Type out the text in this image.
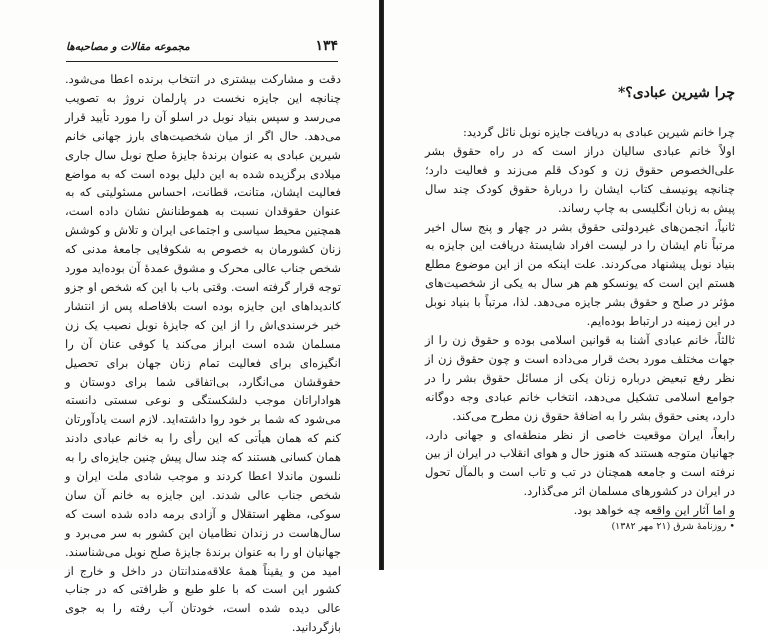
۱۳۴
مجموعه مقالات و مصاحبه‌ها

دقت و مشارکت بیشتری در انتخاب برنده اعطا می‌شود. چنانچه این جایزه نخست در پارلمان نروژ به تصویب می‌رسد و سپس بنیاد نوبل در اسلو آن را مورد تأیید قرار می‌دهد. حال اگر از میان شخصیت‌های بارز جهانی خانم شیرین عبادی به عنوان برندهٔ جایزهٔ صلح نوبل سال جاری میلادی برگزیده شده به این دلیل بوده است که به مواضع فعالیت ایشان، متانت، قطانت، احساس مسئولیتی که به عنوان حقوقدان نسبت به هموطنانش نشان داده است، همچنین محیط سیاسی و اجتماعی ایران و تلاش و کوشش زنان کشورمان به خصوص به شکوفایی جامعهٔ مدنی که شخص جناب عالی محرک و مشوق عمدهٔ آن بوده‌اید مورد توجه قرار گرفته است. وقتی باب با این که شخص او جزو کاندیداهای این جایزه بوده است بلافاصله پس از انتشار خبر خرسندی‌اش را از این که جایزهٔ نوبل نصیب یک زن مسلمان شده است ابراز می‌کند یا کوفی عنان آن را انگیزه‌ای برای فعالیت تمام زنان جهان برای تحصیل حقوقشان می‌انگارد، بی‌اتفاقی شما برای دوستان و هواداراتان موجب دلشکستگی و نوعی سستی دانسته می‌شود که شما بر خود روا داشته‌اید. لازم است یادآورتان کنم که همان هیأتی که این رأی را به خانم عبادی دادند همان کسانی هستند که چند سال پیش چنین جایزه‌ای را به نلسون ماندلا اعطا کردند و موجب شادی ملت ایران و شخص جناب عالی شدند. این جایزه به خانم آن سان سوکی، مظهر استقلال و آزادی برمه داده شده است که سال‌هاست در زندان نظامیان این کشور به سر می‌برد و جهانیان او را به عنوان برندهٔ جایزهٔ صلح نوبل می‌شناسند. امید من و یقیناً همهٔ علاقه‌مندانتان در داخل و خارج از کشور این است که با علو طبع و ظرافتی که در جناب عالی دیده شده است، خودتان آب رفته را به جوی بازگردانید.

چرا شیرین عبادی؟*

چرا خانم شیرین عبادی به دریافت جایزه نوبل نائل گردید:

اولاً خانم عبادی سالیان دراز است که در راه حقوق بشر علی‌الخصوص حقوق زن و کودک قلم می‌زند و فعالیت دارد؛ چنانچه یونیسف کتاب ایشان را دربارهٔ حقوق کودک چند سال پیش به زبان انگلیسی به چاپ رساند.

ثانیاً، انجمن‌های غیردولتی حقوق بشر در چهار و پنج سال اخیر مرتباً نام ایشان را در لیست افراد شایستهٔ دریافت این جایزه به بنیاد نوبل پیشنهاد می‌کردند. علت اینکه من از این موضوع مطلع هستم این است که یونسکو هم هر سال به یکی از شخصیت‌های مؤثر در صلح و حقوق بشر جایزه می‌دهد. لذا، مرتباً با بنیاد نوبل در این زمینه در ارتباط بوده‌ایم.

ثالثاً، خانم عبادی آشنا به قوانین اسلامی بوده و حقوق زن را از جهات مختلف مورد بحث قرار می‌داده است و چون حقوق زن از نظر رفع تبعیض درباره زنان یکی از مسائل حقوق بشر را در جوامع اسلامی تشکیل می‌دهد، انتخاب خانم عبادی وجه دوگانه دارد، یعنی حقوق بشر را به اضافهٔ حقوق زن مطرح می‌کند.

رابعاً، ایران موقعیت خاصی از نظر منطقه‌ای و جهانی دارد، جهانیان متوجه هستند که هنوز حال و هوای انقلاب در ایران از بین نرفته است و جامعه همچنان در تب و تاب است و بالمآل تحول در ایران در کشورهای مسلمان اثر می‌گذارد.

و اما آثار این واقعه چه خواهد بود.

• روزنامهٔ شرق (۲۱ مهر ۱۳۸۲)
